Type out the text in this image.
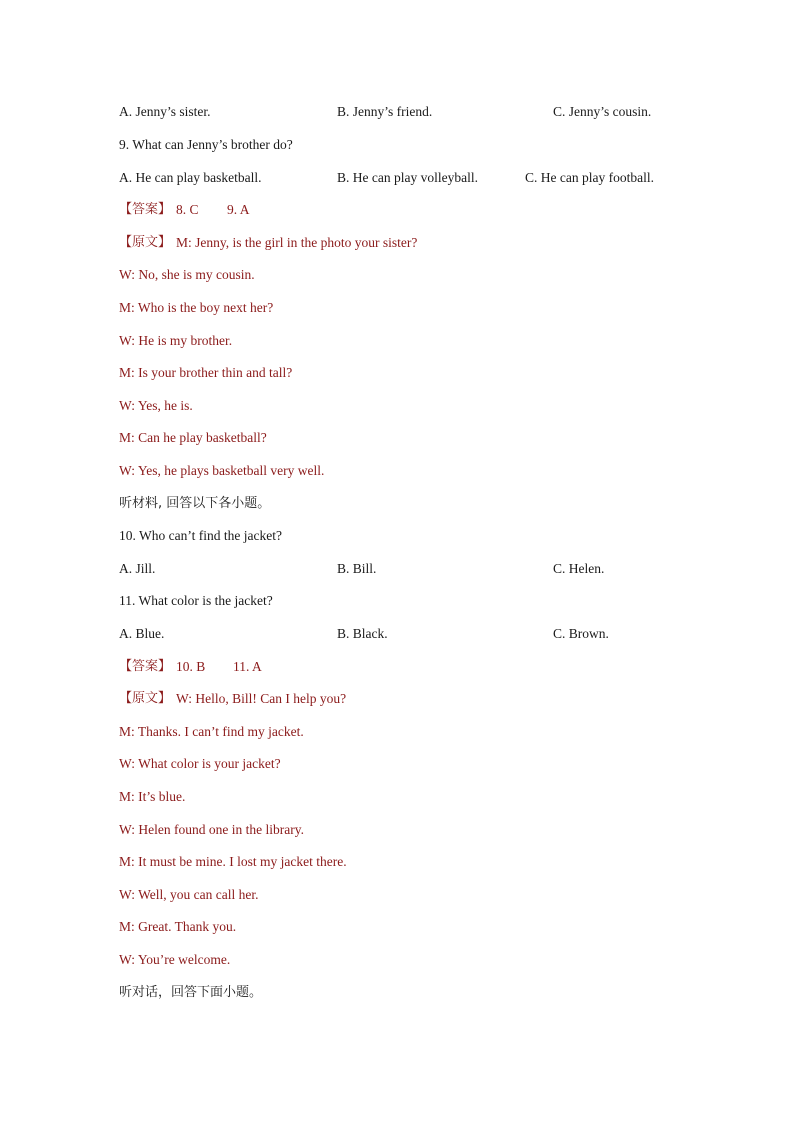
A. Jenny’s sister.	B. Jenny’s friend.	C. Jenny’s cousin.
9. What can Jenny’s brother do?
A. He can play basketball.	B. He can play volleyball.	C. He can play football.
【答案】 8. C 9. A
【原文】 M: Jenny, is the girl in the photo your sister?
W: No, she is my cousin.
M: Who is the boy next her?
W: He is my brother.
M: Is your brother thin and tall?
W: Yes, he is.
M: Can he play basketball?
W: Yes, he plays basketball very well.
听材料, 回答以下各小题。
10. Who can’t find the jacket?
A. Jill.	B. Bill.	C. Helen.
11. What color is the jacket?
A. Blue.	B. Black.	C. Brown.
【答案】 10. B 11. A
【原文】 W: Hello, Bill! Can I help you?
M: Thanks. I can’t find my jacket.
W: What color is your jacket?
M: It’s blue.
W: Helen found one in the library.
M: It must be mine. I lost my jacket there.
W: Well, you can call her.
M: Great. Thank you.
W: You’re welcome.
听对话，回答下面小题。
